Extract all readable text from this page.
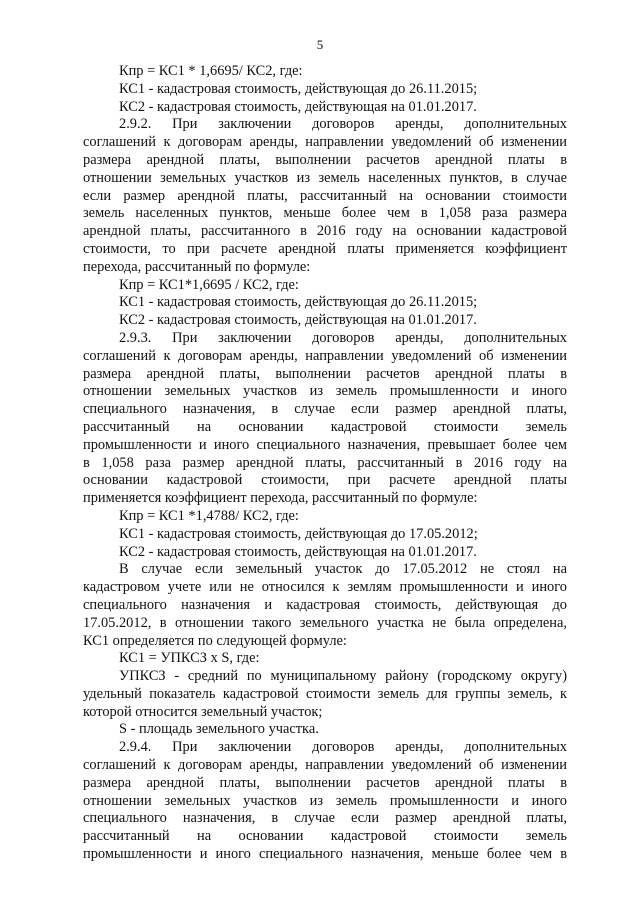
5
Кпр = КС1 * 1,6695/ КС2, где:
КС1 - кадастровая стоимость, действующая до 26.11.2015;
КС2 - кадастровая стоимость, действующая на 01.01.2017.
2.9.2. При заключении договоров аренды, дополнительных
соглашений к договорам аренды, направлении уведомлений об изменении
размера арендной платы, выполнении расчетов арендной платы в
отношении земельных участков из земель населенных пунктов, в случае
если размер арендной платы, рассчитанный на основании стоимости
земель населенных пунктов, меньше более чем в 1,058 раза размера
арендной платы, рассчитанного в 2016 году на основании кадастровой
стоимости, то при расчете арендной платы применяется коэффициент
перехода, рассчитанный по формуле:
Кпр = КС1*1,6695 / КС2, где:
КС1 - кадастровая стоимость, действующая до 26.11.2015;
КС2 - кадастровая стоимость, действующая на 01.01.2017.
2.9.3. При заключении договоров аренды, дополнительных
соглашений к договорам аренды, направлении уведомлений об изменении
размера арендной платы, выполнении расчетов арендной платы в
отношении земельных участков из земель промышленности и иного
специального назначения, в случае если размер арендной платы,
рассчитанный на основании кадастровой стоимости земель
промышленности и иного специального назначения, превышает более чем
в 1,058 раза размер арендной платы, рассчитанный в 2016 году на
основании кадастровой стоимости, при расчете арендной платы
применяется коэффициент перехода, рассчитанный по формуле:
Кпр = КС1 *1,4788/ КС2, где:
КС1 - кадастровая стоимость, действующая до 17.05.2012;
КС2 - кадастровая стоимость, действующая на 01.01.2017.
В случае если земельный участок до 17.05.2012 не стоял на
кадастровом учете или не относился к землям промышленности и иного
специального назначения и кадастровая стоимость, действующая до
17.05.2012, в отношении такого земельного участка не была определена,
КС1 определяется по следующей формуле:
КС1 = УПКСЗ х S, где:
УПКСЗ - средний по муниципальному району (городскому округу)
удельный показатель кадастровой стоимости земель для группы земель, к
которой относится земельный участок;
S - площадь земельного участка.
2.9.4. При заключении договоров аренды, дополнительных
соглашений к договорам аренды, направлении уведомлений об изменении
размера арендной платы, выполнении расчетов арендной платы в
отношении земельных участков из земель промышленности и иного
специального назначения, в случае если размер арендной платы,
рассчитанный на основании кадастровой стоимости земель
промышленности и иного специального назначения, меньше более чем в
